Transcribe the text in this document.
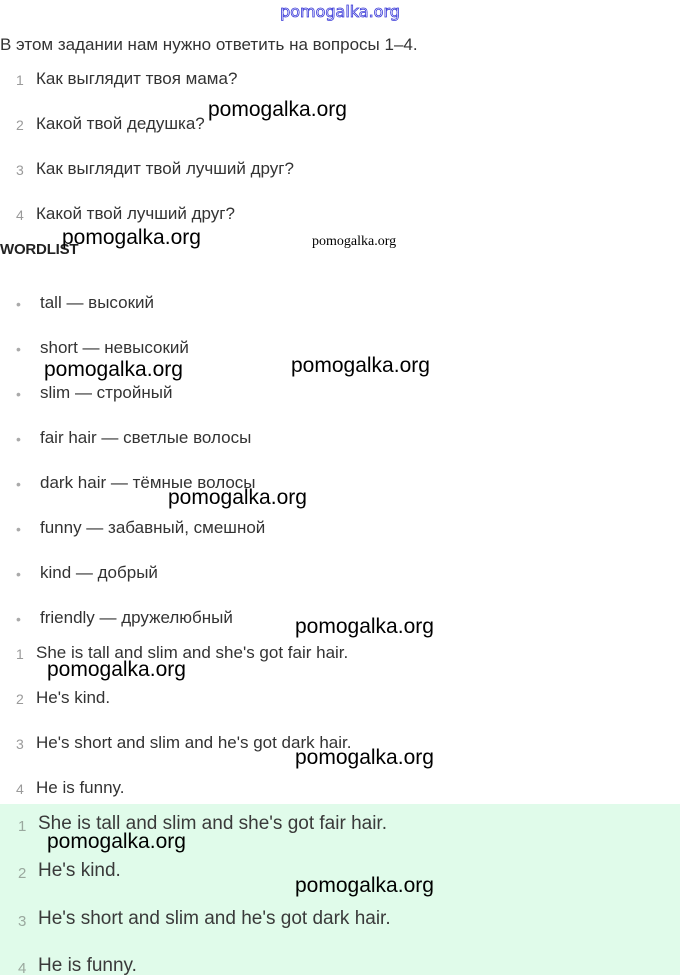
pomogalka.org
В этом задании нам нужно ответить на вопросы 1–4.
1 Как выглядит твоя мама?
2 Какой твой дедушка?
3 Как выглядит твой лучший друг?
4 Какой твой лучший друг?
WORDLIST
• tall — высокий
• short — невысокий
• slim — стройный
• fair hair — светлые волосы
• dark hair — тёмные волосы
• funny — забавный, смешной
• kind — добрый
• friendly — дружелюбный
1 She is tall and slim and she's got fair hair.
2 He's kind.
3 He's short and slim and he's got dark hair.
4 He is funny.
1 She is tall and slim and she's got fair hair.
2 He's kind.
3 He's short and slim and he's got dark hair.
4 He is funny.
pomogalka.org
pomogalka.org	pomogalka.org
pomogalka.org
pomogalka.org
pomogalka.org
pomogalka.org
pomogalka.org
pomogalka.org
pomogalka.org
pomogalka.org
